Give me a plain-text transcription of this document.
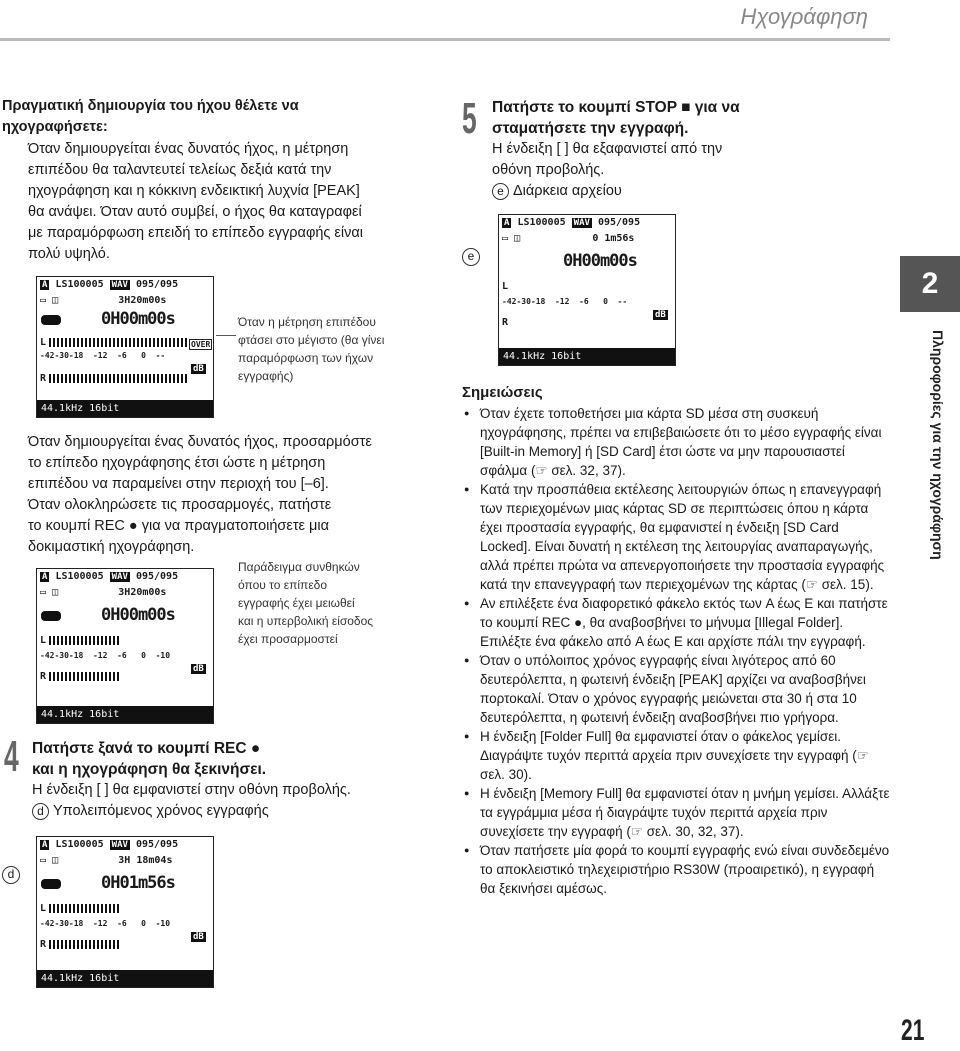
Ηχογράφηση
Πραγματική δημιουργία του ήχου θέλετε να ηχογραφήσετε:
Όταν δημιουργείται ένας δυνατός ήχος, η μέτρηση
επιπέδου θα ταλαντευτεί τελείως δεξιά κατά την
ηχογράφηση και η κόκκινη ενδεικτική λυχνία [PEAK]
θα ανάψει. Όταν αυτό συμβεί, ο ήχος θα καταγραφεί
με παραμόρφωση επειδή το επίπεδο εγγραφής είναι
πολύ υψηλό.
A LS100005 WAV 095/095
▭ ◫	3H20m00s
0H00m00s
L	OVER
-42-30-18  -12  -6   0  --
dB
R
44.1kHz 16bit
Όταν η μέτρηση επιπέδου
φτάσει στο μέγιστο (θα γίνει
παραμόρφωση των ήχων
εγγραφής)
Όταν δημιουργείται ένας δυνατός ήχος, προσαρμόστε
το επίπεδο ηχογράφησης έτσι ώστε η μέτρηση
επιπέδου να παραμείνει στην περιοχή του [–6].
Όταν ολοκληρώσετε τις προσαρμογές, πατήστε
το κουμπί REC ● για να πραγματοποιήσετε μια
δοκιμαστική ηχογράφηση.
A LS100005 WAV 095/095
▭ ◫	3H20m00s
0H00m00s
L
-42-30-18  -12  -6   0  -10
dB
R
44.1kHz 16bit
Παράδειγμα συνθηκών
όπου το επίπεδο
εγγραφής έχει μειωθεί
και η υπερβολική είσοδος
έχει προσαρμοστεί
4 Πατήστε ξανά το κουμπί REC ●
και η ηχογράφηση θα ξεκινήσει.
Η ένδειξη [ ] θα εμφανιστεί στην οθόνη προβολής.
d Υπολειπόμενος χρόνος εγγραφής
d
A LS100005 WAV 095/095
▭ ◫	3H 18m04s
0H01m56s
L
-42-30-18  -12  -6   0  -10
dB
R
44.1kHz 16bit
5 Πατήστε το κουμπί STOP ■ για να
σταματήσετε την εγγραφή.
Η ένδειξη [ ] θα εξαφανιστεί από την
οθόνη προβολής.
e Διάρκεια αρχείου
e
A LS100005 WAV 095/095
▭ ◫	0 1m56s
0H00m00s
L
-42-30-18  -12  -6   0  --
dB
R
44.1kHz 16bit
Σημειώσεις
● Όταν έχετε τοποθετήσει μια κάρτα SD μέσα στη συσκευή ηχογράφησης, πρέπει να επιβεβαιώσετε ότι το μέσο εγγραφής είναι [Built-in Memory] ή [SD Card] έτσι ώστε να μην παρουσιαστεί σφάλμα (☞ σελ. 32, 37).
● Κατά την προσπάθεια εκτέλεσης λειτουργιών όπως η επανεγγραφή των περιεχομένων μιας κάρτας SD σε περιπτώσεις όπου η κάρτα έχει προστασία εγγραφής, θα εμφανιστεί η ένδειξη [SD Card Locked]. Είναι δυνατή η εκτέλεση της λειτουργίας αναπαραγωγής, αλλά πρέπει πρώτα να απενεργοποιήσετε την προστασία εγγραφής κατά την επανεγγραφή των περιεχομένων της κάρτας (☞ σελ. 15).
● Αν επιλέξετε ένα διαφορετικό φάκελο εκτός των A έως E και πατήστε το κουμπί REC ●, θα αναβοσβήνει το μήνυμα [Illegal Folder]. Επιλέξτε ένα φάκελο από A έως E και αρχίστε πάλι την εγγραφή.
● Όταν ο υπόλοιπος χρόνος εγγραφής είναι λιγότερος από 60 δευτερόλεπτα, η φωτεινή ένδειξη [PEAK] αρχίζει να αναβοσβήνει πορτοκαλί. Όταν ο χρόνος εγγραφής μειώνεται στα 30 ή στα 10 δευτερόλεπτα, η φωτεινή ένδειξη αναβοσβήνει πιο γρήγορα.
● Η ένδειξη [Folder Full] θα εμφανιστεί όταν ο φάκελος γεμίσει. Διαγράψτε τυχόν περιττά αρχεία πριν συνεχίσετε την εγγραφή (☞ σελ. 30).
● Η ένδειξη [Memory Full] θα εμφανιστεί όταν η μνήμη γεμίσει. Αλλάξτε τα εγγράμμια μέσα ή διαγράψτε τυχόν περιττά αρχεία πριν συνεχίσετε την εγγραφή (☞ σελ. 30, 32, 37).
● Όταν πατήσετε μία φορά το κουμπί εγγραφής ενώ είναι συνδεδεμένο το αποκλειστικό τηλεχειριστήριο RS30W (προαιρετικό), η εγγραφή θα ξεκινήσει αμέσως.
2
Πληροφορίες για την ηχογράφηση
21
